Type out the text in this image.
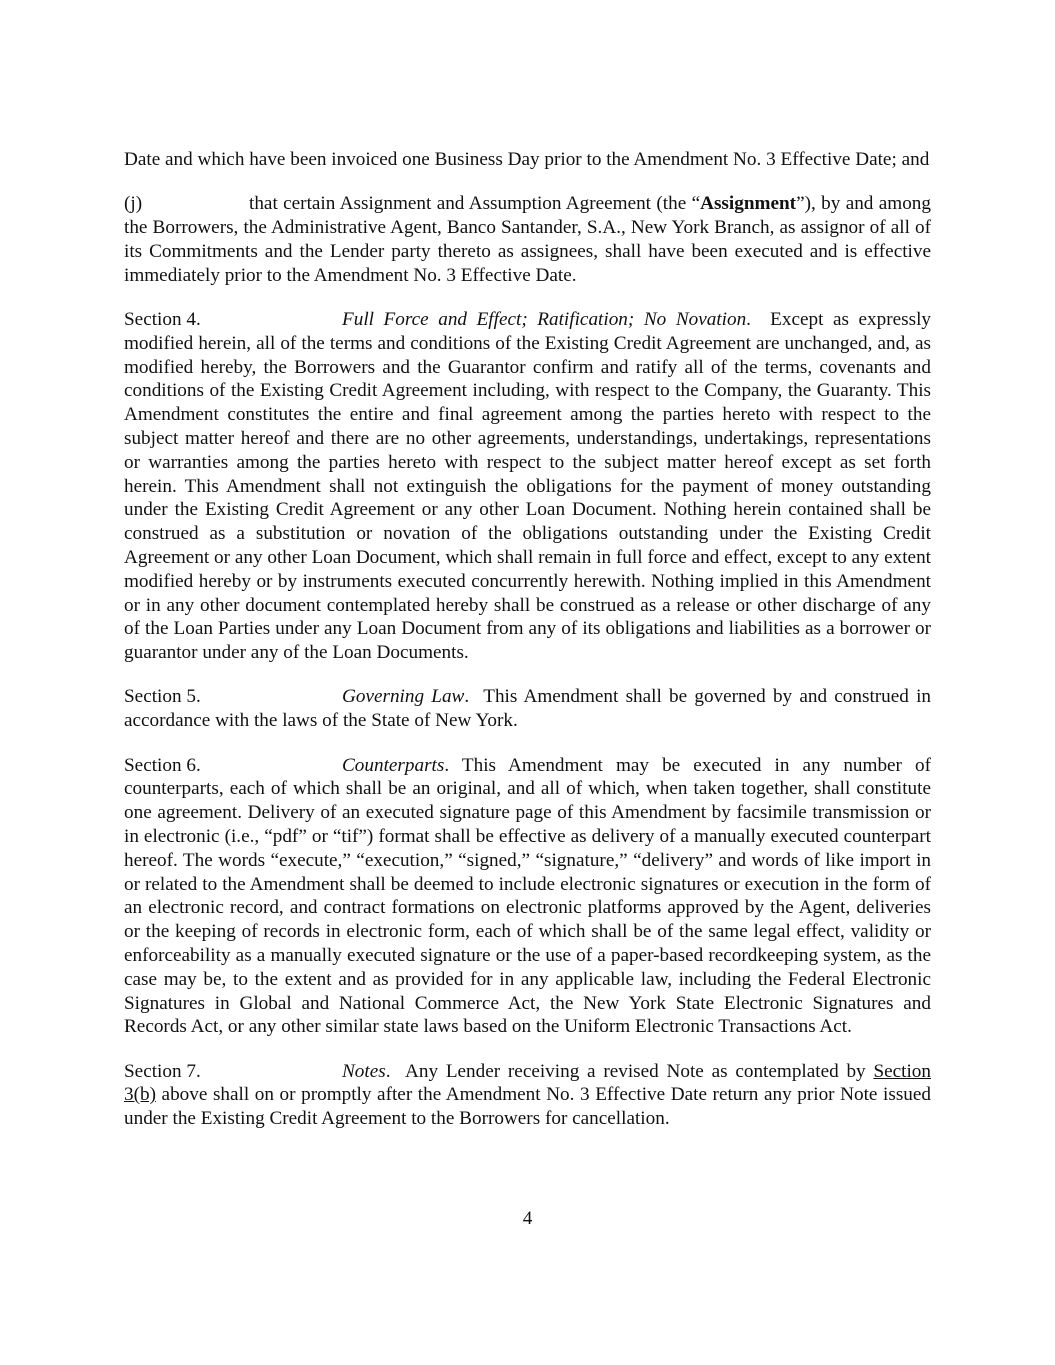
Date and which have been invoiced one Business Day prior to the Amendment No. 3 Effective Date; and

(j)	that certain Assignment and Assumption Agreement (the “Assignment”), by and among the Borrowers, the Administrative Agent, Banco Santander, S.A., New York Branch, as assignor of all of its Commitments and the Lender party thereto as assignees, shall have been executed and is effective immediately prior to the Amendment No. 3 Effective Date.

Section 4.	Full Force and Effect; Ratification; No Novation.  Except as expressly modified herein, all of the terms and conditions of the Existing Credit Agreement are unchanged, and, as modified hereby, the Borrowers and the Guarantor confirm and ratify all of the terms, covenants and conditions of the Existing Credit Agreement including, with respect to the Company, the Guaranty. This Amendment constitutes the entire and final agreement among the parties hereto with respect to the subject matter hereof and there are no other agreements, understandings, undertakings, representations or warranties among the parties hereto with respect to the subject matter hereof except as set forth herein. This Amendment shall not extinguish the obligations for the payment of money outstanding under the Existing Credit Agreement or any other Loan Document. Nothing herein contained shall be construed as a substitution or novation of the obligations outstanding under the Existing Credit Agreement or any other Loan Document, which shall remain in full force and effect, except to any extent modified hereby or by instruments executed concurrently herewith. Nothing implied in this Amendment or in any other document contemplated hereby shall be construed as a release or other discharge of any of the Loan Parties under any Loan Document from any of its obligations and liabilities as a borrower or guarantor under any of the Loan Documents.

Section 5.	Governing Law.  This Amendment shall be governed by and construed in accordance with the laws of the State of New York.

Section 6.	Counterparts. This Amendment may be executed in any number of counterparts, each of which shall be an original, and all of which, when taken together, shall constitute one agreement. Delivery of an executed signature page of this Amendment by facsimile transmission or in electronic (i.e., “pdf” or “tif”) format shall be effective as delivery of a manually executed counterpart hereof. The words “execute,” “execution,” “signed,” “signature,” “delivery” and words of like import in or related to the Amendment shall be deemed to include electronic signatures or execution in the form of an electronic record, and contract formations on electronic platforms approved by the Agent, deliveries or the keeping of records in electronic form, each of which shall be of the same legal effect, validity or enforceability as a manually executed signature or the use of a paper-based recordkeeping system, as the case may be, to the extent and as provided for in any applicable law, including the Federal Electronic Signatures in Global and National Commerce Act, the New York State Electronic Signatures and Records Act, or any other similar state laws based on the Uniform Electronic Transactions Act.

Section 7.	Notes.  Any Lender receiving a revised Note as contemplated by Section 3(b) above shall on or promptly after the Amendment No. 3 Effective Date return any prior Note issued under the Existing Credit Agreement to the Borrowers for cancellation.

4
